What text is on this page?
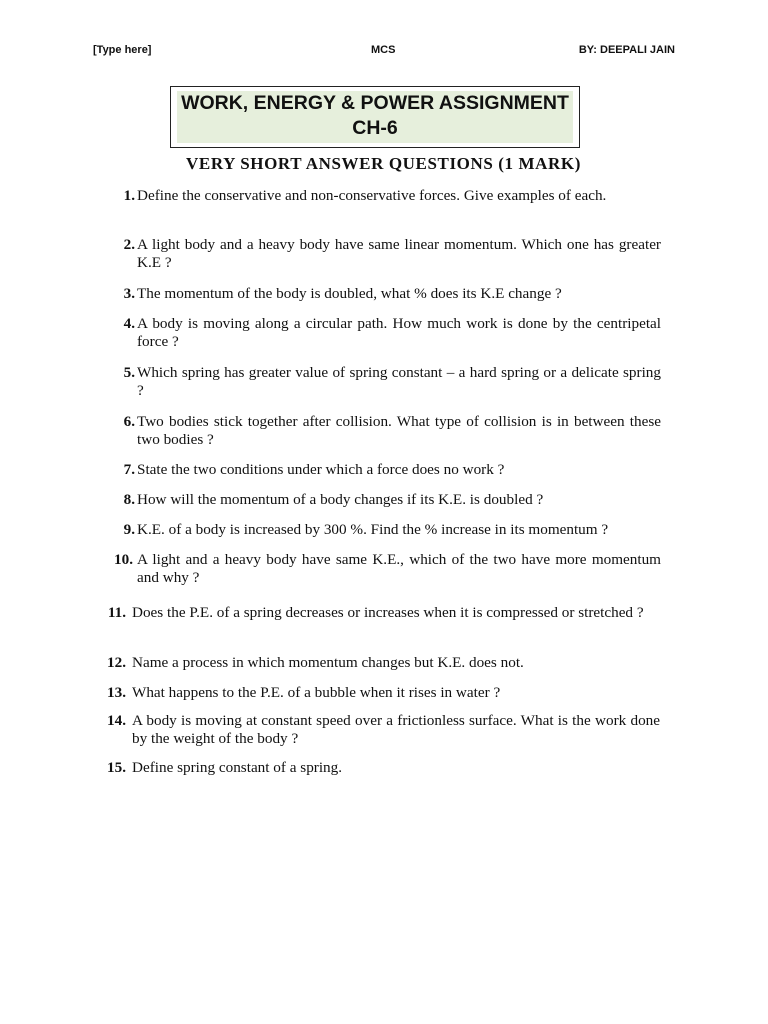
[Type here]	MCS	BY: DEEPALI JAIN
WORK, ENERGY & POWER ASSIGNMENT
CH-6
VERY SHORT ANSWER QUESTIONS (1 MARK)
1. Define the conservative and non-conservative forces. Give examples of each.
2. A light body and a heavy body have same linear momentum. Which one has greater K.E ?
3. The momentum of the body is doubled, what % does its K.E change ?
4. A body is moving along a circular path. How much work is done by the centripetal force ?
5. Which spring has greater value of spring constant – a hard spring or a delicate spring ?
6. Two bodies stick together after collision. What type of collision is in between these two bodies ?
7. State the two conditions under which a force does no work ?
8. How will the momentum of a body changes if its K.E. is doubled ?
9. K.E. of a body is increased by 300 %. Find the % increase in its momentum ?
10. A light and a heavy body have same K.E., which of the two have more momentum and why ?
11. Does the P.E. of a spring decreases or increases when it is compressed or stretched ?
12. Name a process in which momentum changes but K.E. does not.
13. What happens to the P.E. of a bubble when it rises in water ?
14. A body is moving at constant speed over a frictionless surface. What is the work done by the weight of the body ?
15. Define spring constant of a spring.
